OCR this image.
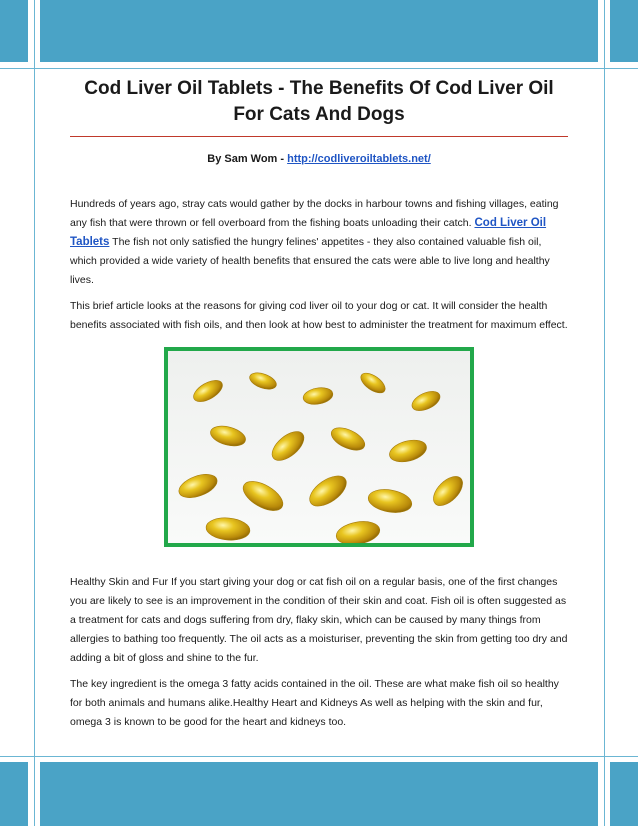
Cod Liver Oil Tablets - The Benefits Of Cod Liver Oil For Cats And Dogs
By Sam Wom - http://codliveroiltablets.net/

Hundreds of years ago, stray cats would gather by the docks in harbour towns and fishing villages, eating any fish that were thrown or fell overboard from the fishing boats unloading their catch. Cod Liver Oil Tablets The fish not only satisfied the hungry felines' appetites - they also contained valuable fish oil, which provided a wide variety of health benefits that ensured the cats were able to live long and healthy lives.

This brief article looks at the reasons for giving cod liver oil to your dog or cat. It will consider the health benefits associated with fish oils, and then look at how best to administer the treatment for maximum effect.

Healthy Skin and Fur If you start giving your dog or cat fish oil on a regular basis, one of the first changes you are likely to see is an improvement in the condition of their skin and coat. Fish oil is often suggested as a treatment for cats and dogs suffering from dry, flaky skin, which can be caused by many things from allergies to bathing too frequently. The oil acts as a moisturiser, preventing the skin from getting too dry and adding a bit of gloss and shine to the fur.

The key ingredient is the omega 3 fatty acids contained in the oil. These are what make fish oil so healthy for both animals and humans alike.Healthy Heart and Kidneys As well as helping with the skin and fur, omega 3 is known to be good for the heart and kidneys too.
